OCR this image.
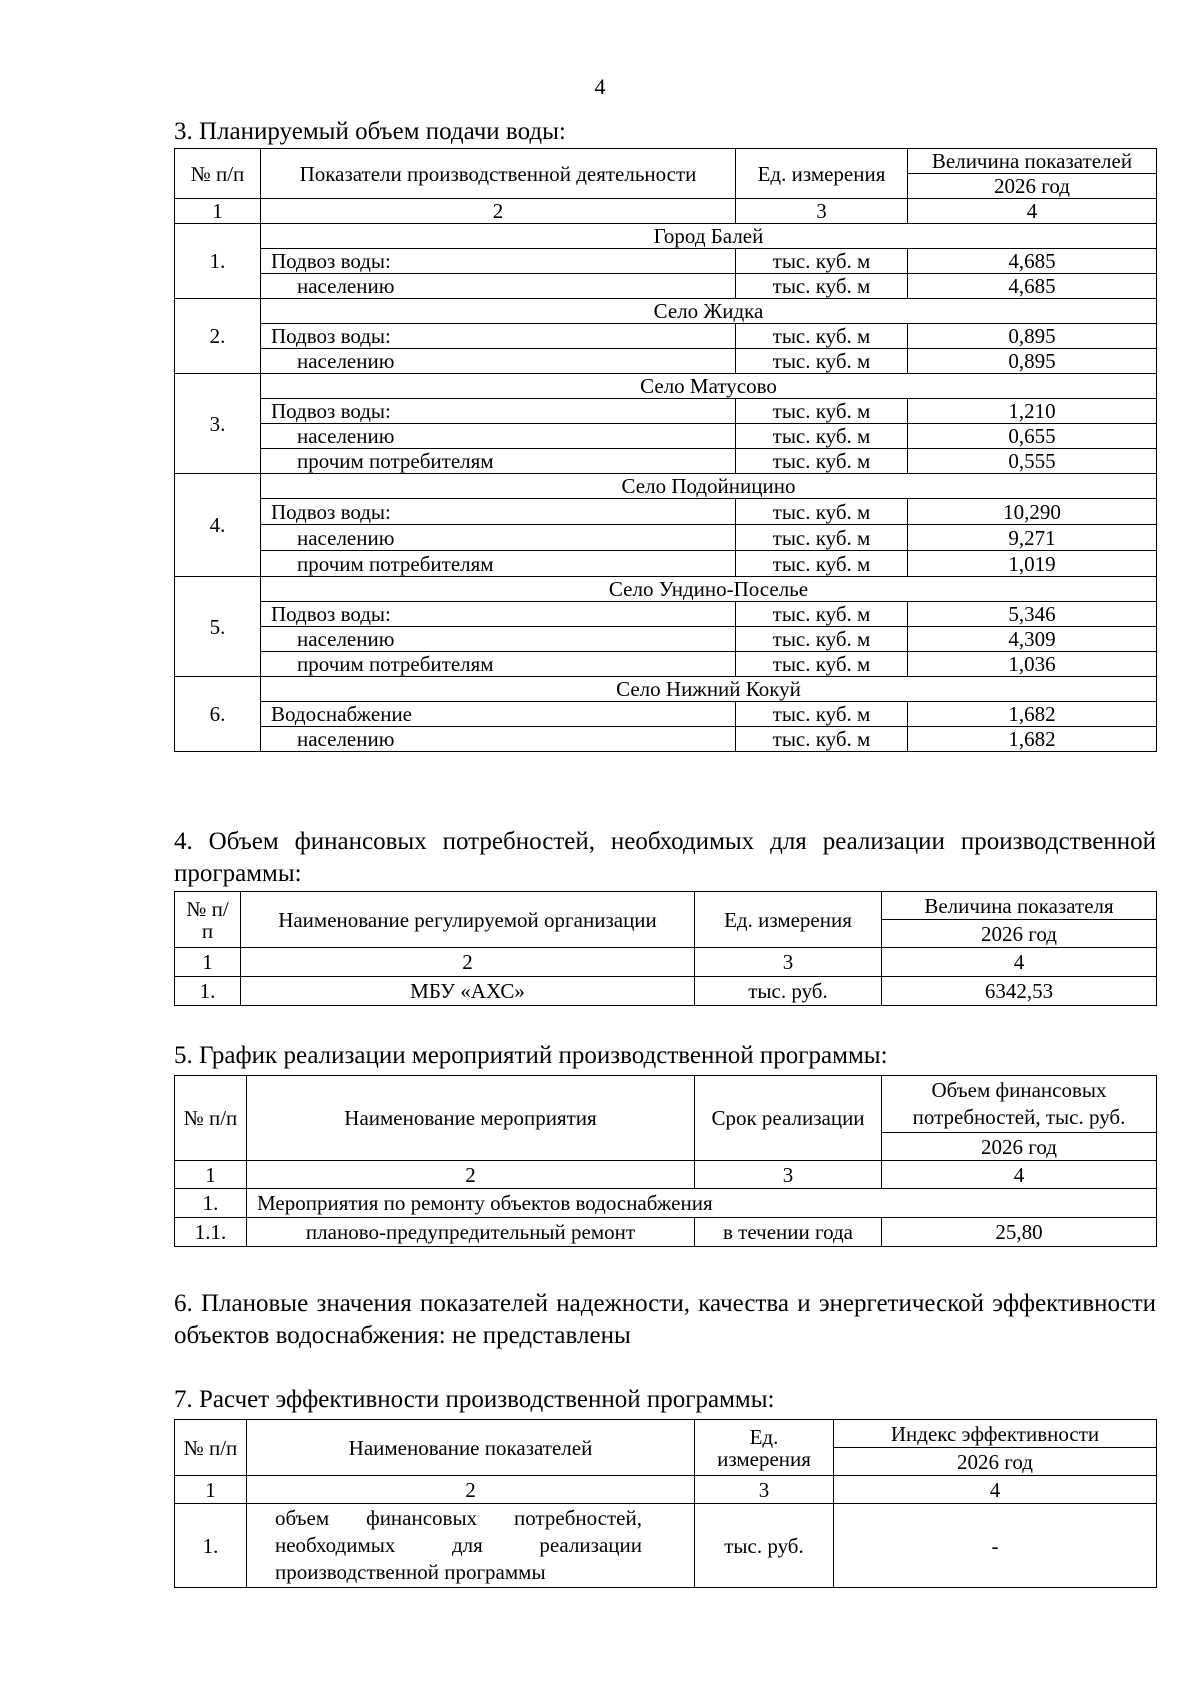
4
3. Планируемый объем подачи воды:
№ п/п	Показатели производственной деятельности	Ед. измерения	Величина показателей
			2026 год
1	2	3	4
1.	Город Балей		
	Подвоз воды:	тыс. куб. м	4,685
	населению	тыс. куб. м	4,685
2.	Село Жидка		
	Подвоз воды:	тыс. куб. м	0,895
	населению	тыс. куб. м	0,895
3.	Село Матусово		
	Подвоз воды:	тыс. куб. м	1,210
	населению	тыс. куб. м	0,655
	прочим потребителям	тыс. куб. м	0,555
4.	Село Подойницино		
	Подвоз воды:	тыс. куб. м	10,290
	населению	тыс. куб. м	9,271
	прочим потребителям	тыс. куб. м	1,019
5.	Село Ундино-Поселье		
	Подвоз воды:	тыс. куб. м	5,346
	населению	тыс. куб. м	4,309
	прочим потребителям	тыс. куб. м	1,036
6.	Село Нижний Кокуй		
	Водоснабжение	тыс. куб. м	1,682
	населению	тыс. куб. м	1,682
4. Объем финансовых потребностей, необходимых для реализации производственной программы:
№ п/п	Наименование регулируемой организации	Ед. измерения	Величина показателя
			2026 год
1	2	3	4
1.	МБУ «АХС»	тыс. руб.	6342,53
5. График реализации мероприятий производственной программы:
№ п/п	Наименование мероприятия	Срок реализации	Объем финансовых потребностей, тыс. руб.
			2026 год
1	2	3	4
1.	Мероприятия по ремонту объектов водоснабжения		
1.1.	планово-предупредительный ремонт	в течении года	25,80
6. Плановые значения показателей надежности, качества и энергетической эффективности объектов водоснабжения: не представлены
7. Расчет эффективности производственной программы:
№ п/п	Наименование показателей	Ед. измерения	Индекс эффективности
			2026 год
1	2	3	4
1.	объем финансовых потребностей, необходимых для реализации производственной программы	тыс. руб.	-
